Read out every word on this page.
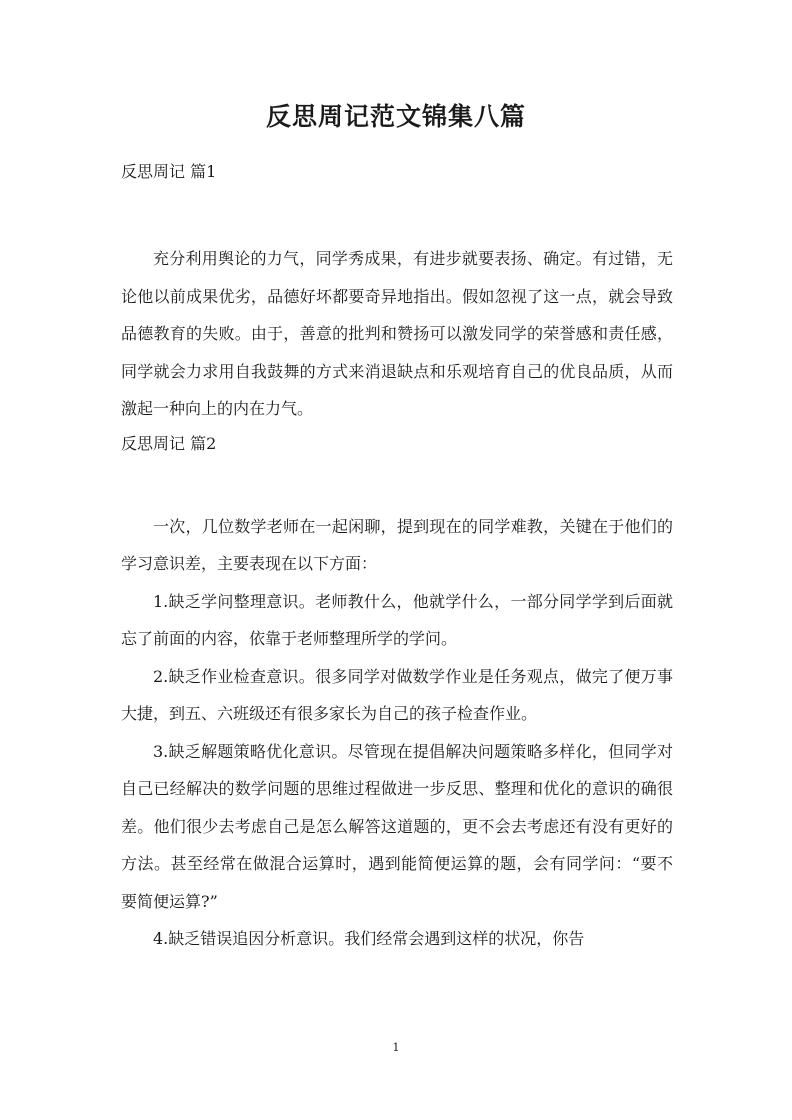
反思周记范文锦集八篇

反思周记 篇1

充分利用舆论的力气，同学秀成果，有进步就要表扬、确定。有过错，无论他以前成果优劣，品德好坏都要奇异地指出。假如忽视了这一点，就会导致品德教育的失败。由于，善意的批判和赞扬可以激发同学的荣誉感和责任感，同学就会力求用自我鼓舞的方式来消退缺点和乐观培育自己的优良品质，从而激起一种向上的内在力气。

反思周记 篇2

一次，几位数学老师在一起闲聊，提到现在的同学难教，关键在于他们的学习意识差，主要表现在以下方面：

1.缺乏学问整理意识。老师教什么，他就学什么，一部分同学学到后面就忘了前面的内容，依靠于老师整理所学的学问。

2.缺乏作业检查意识。很多同学对做数学作业是任务观点，做完了便万事大捷，到五、六班级还有很多家长为自己的孩子检查作业。

3.缺乏解题策略优化意识。尽管现在提倡解决问题策略多样化，但同学对自己已经解决的数学问题的思维过程做进一步反思、整理和优化的意识的确很差。他们很少去考虑自己是怎么解答这道题的，更不会去考虑还有没有更好的方法。甚至经常在做混合运算时，遇到能简便运算的题，会有同学问：“要不要简便运算?”

4.缺乏错误追因分析意识。我们经常会遇到这样的状况，你告

1
